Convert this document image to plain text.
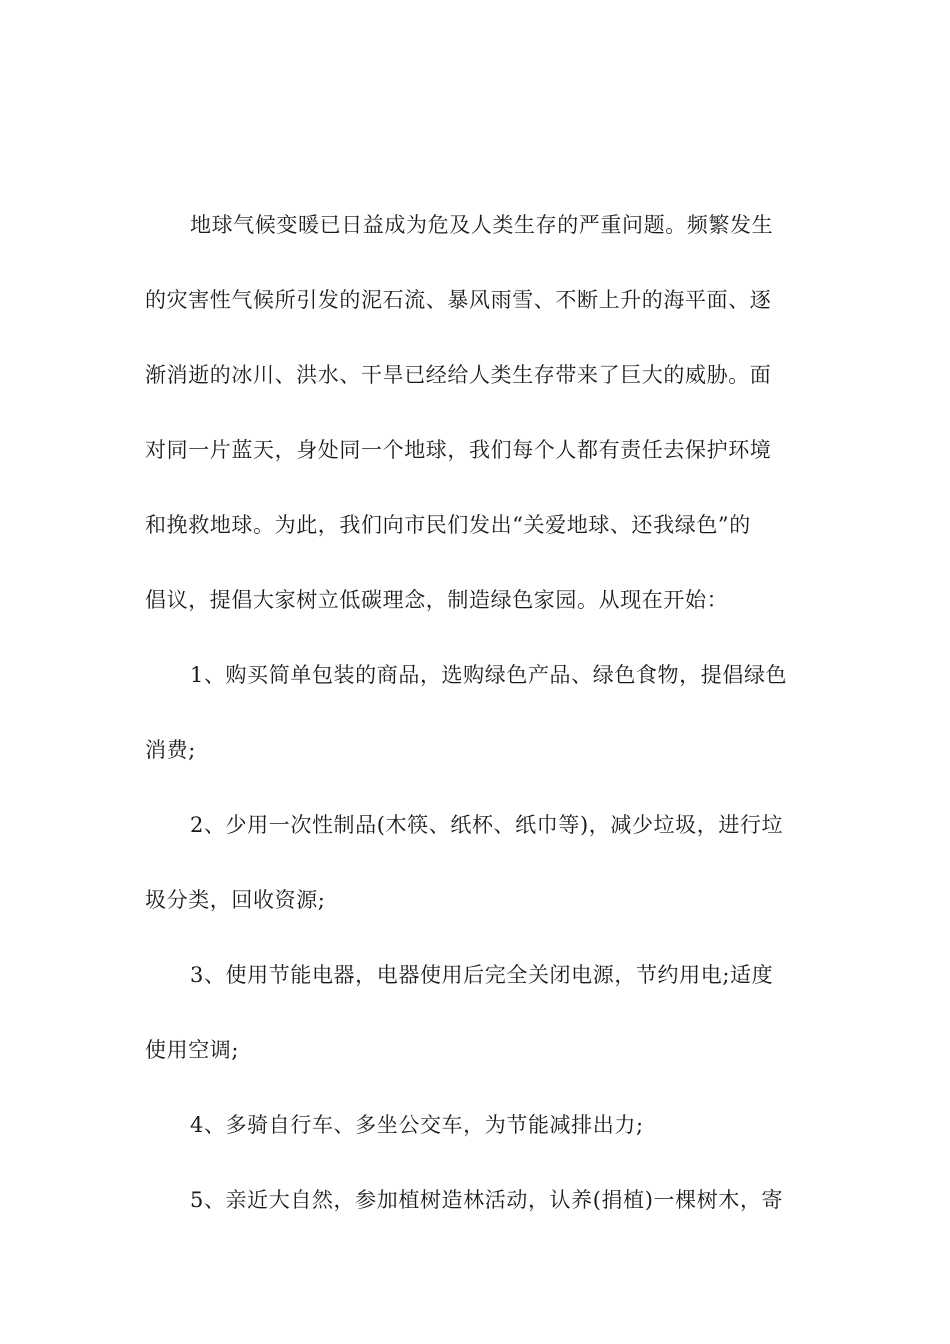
地球气候变暖已日益成为危及人类生存的严重问题。频繁发生
的灾害性气候所引发的泥石流、暴风雨雪、不断上升的海平面、逐
渐消逝的冰川、洪水、干旱已经给人类生存带来了巨大的威胁。面
对同一片蓝天，身处同一个地球，我们每个人都有责任去保护环境
和挽救地球。为此，我们向市民们发出“关爱地球、还我绿色”的
倡议，提倡大家树立低碳理念，制造绿色家园。从现在开始：
1、购买简单包装的商品，选购绿色产品、绿色食物，提倡绿色
消费;
2、少用一次性制品(木筷、纸杯、纸巾等)，减少垃圾，进行垃
圾分类，回收资源;
3、使用节能电器，电器使用后完全关闭电源，节约用电;适度
使用空调;
4、多骑自行车、多坐公交车，为节能减排出力;
5、亲近大自然，参加植树造林活动，认养(捐植)一棵树木，寄
